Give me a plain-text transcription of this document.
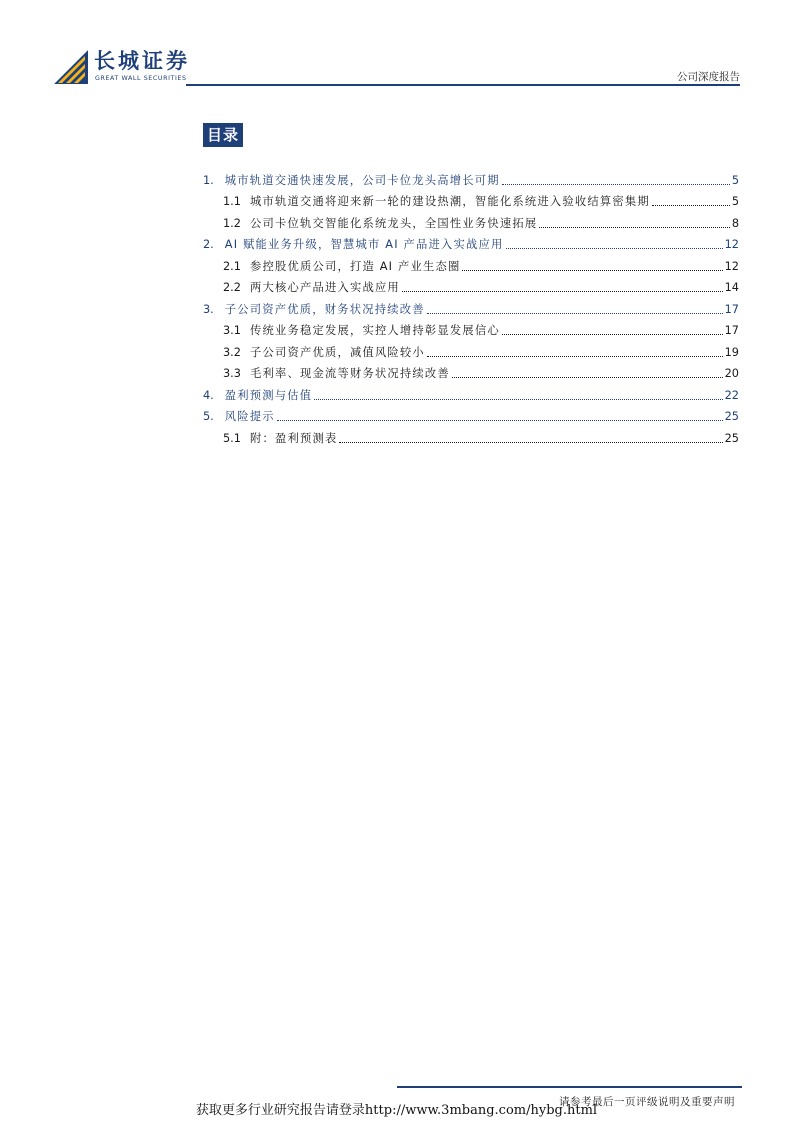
长城证券
GREAT WALL SECURITIES	公司深度报告
目录
1. 城市轨道交通快速发展，公司卡位龙头高增长可期	5
1.1 城市轨道交通将迎来新一轮的建设热潮，智能化系统进入验收结算密集期	5
1.2 公司卡位轨交智能化系统龙头，全国性业务快速拓展	8
2. AI 赋能业务升级，智慧城市 AI 产品进入实战应用	12
2.1 参控股优质公司，打造 AI 产业生态圈	12
2.2 两大核心产品进入实战应用	14
3. 子公司资产优质，财务状况持续改善	17
3.1 传统业务稳定发展，实控人增持彰显发展信心	17
3.2 子公司资产优质，减值风险较小	19
3.3 毛利率、现金流等财务状况持续改善	20
4. 盈利预测与估值	22
5. 风险提示	25
5.1 附：盈利预测表	25
请参考最后一页评级说明及重要声明
获取更多行业研究报告请登录http://www.3mbang.com/hybg.html
